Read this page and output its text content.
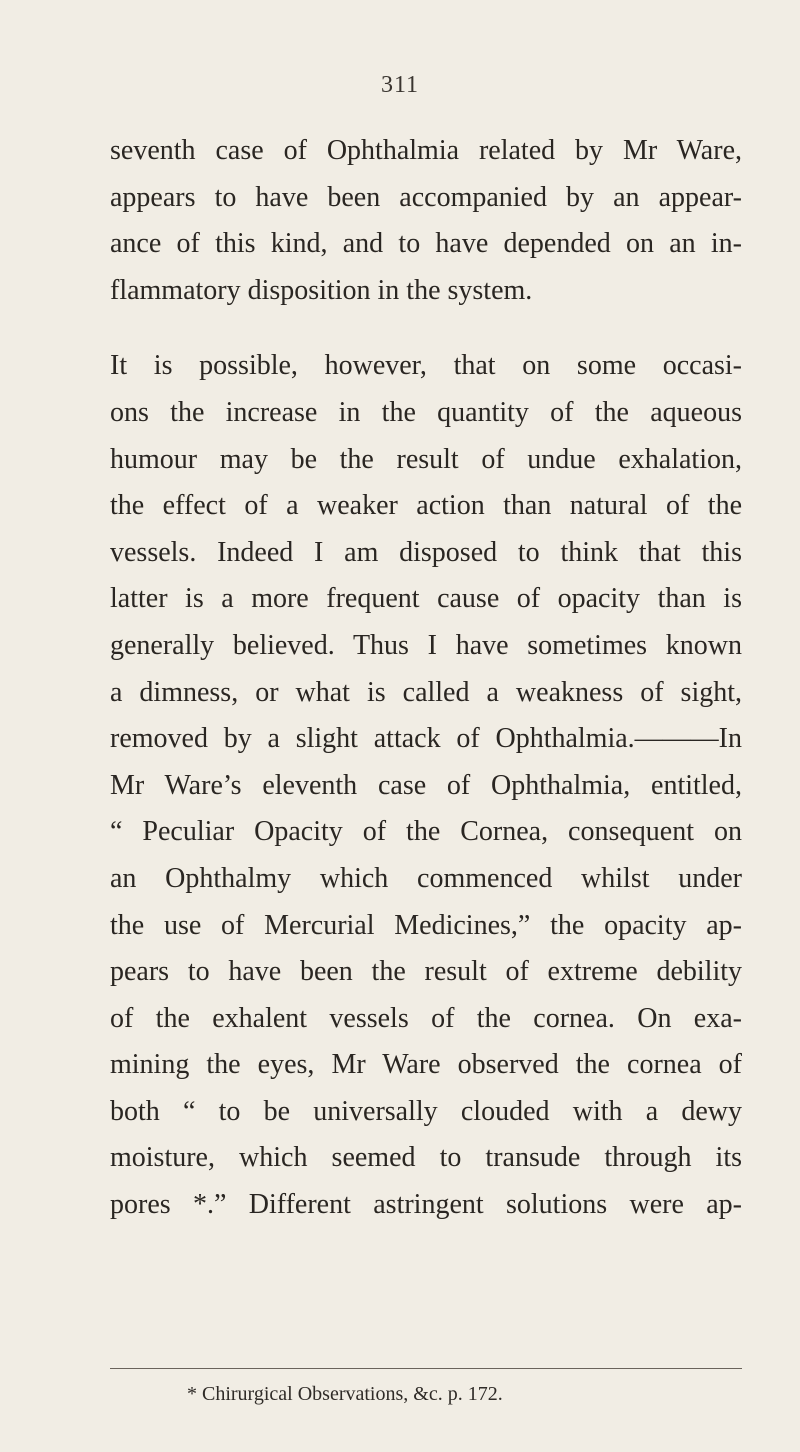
311
seventh case of Ophthalmia related by Mr Ware,
appears to have been accompanied by an appear-
ance of this kind, and to have depended on an in-
flammatory disposition in the system.
It is possible, however, that on some occasi-
ons the increase in the quantity of the aqueous
humour may be the result of undue exhalation,
the effect of a weaker action than natural of the
vessels. Indeed I am disposed to think that this
latter is a more frequent cause of opacity than is
generally believed. Thus I have sometimes known
a dimness, or what is called a weakness of sight,
removed by a slight attack of Ophthalmia.———In
Mr Ware’s eleventh case of Ophthalmia, entitled,
“ Peculiar Opacity of the Cornea, consequent on
an Ophthalmy which commenced whilst under
the use of Mercurial Medicines,” the opacity ap-
pears to have been the result of extreme debility
of the exhalent vessels of the cornea. On exa-
mining the eyes, Mr Ware observed the cornea of
both “ to be universally clouded with a dewy
moisture, which seemed to transude through its
pores *.” Different astringent solutions were ap-
* Chirurgical Observations, &c. p. 172.
